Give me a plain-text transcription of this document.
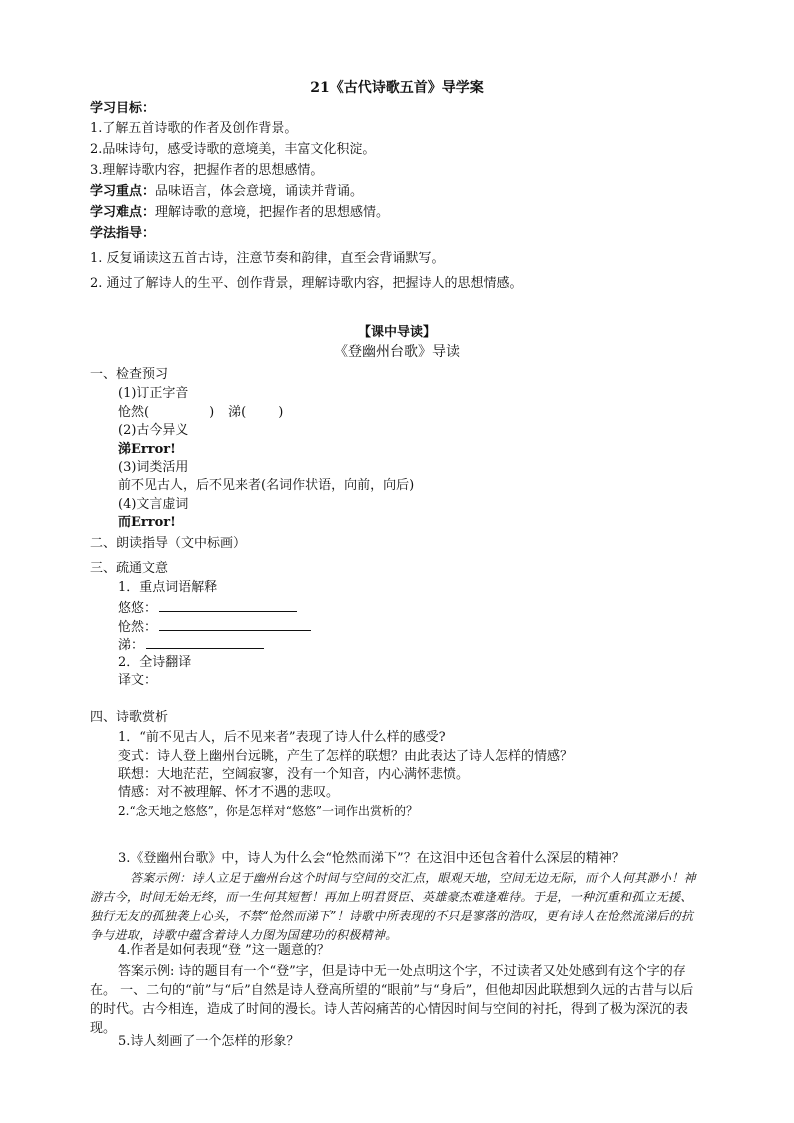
21《古代诗歌五首》导学案
学习目标：
1.了解五首诗歌的作者及创作背景。
2.品味诗句，感受诗歌的意境美，丰富文化积淀。
3.理解诗歌内容，把握作者的思想感情。
学习重点：品味语言，体会意境，诵读并背诵。
学习难点：理解诗歌的意境，把握作者的思想感情。
学法指导：
1. 反复诵读这五首古诗，注意节奏和韵律，直至会背诵默写。
2. 通过了解诗人的生平、创作背景，理解诗歌内容，把握诗人的思想情感。
【课中导读】
《登幽州台歌》导读
一、检查预习
(1)订正字音
怆然(	) 涕( )
(2)古今异义
涕Error!
(3)词类活用
前不见古人，后不见来者(名词作状语，向前，向后)
(4)文言虚词
而Error!
二、朗读指导（文中标画）
三、疏通文意
1．重点词语解释
悠悠：
怆然：
涕：
2．全诗翻译
译文：
四、诗歌赏析
1．“前不见古人，后不见来者”表现了诗人什么样的感受?
变式：诗人登上幽州台远眺，产生了怎样的联想？由此表达了诗人怎样的情感？
联想：大地茫茫，空阔寂寥，没有一个知音，内心满怀悲愤。
情感：对不被理解、怀才不遇的悲叹。
2.“念天地之悠悠”，你是怎样对“悠悠”一词作出赏析的？
3.《登幽州台歌》中，诗人为什么会“怆然而涕下”？在这泪中还包含着什么深层的精神？
答案示例：诗人立足于幽州台这个时间与空间的交汇点，眼观天地，空间无边无际，而个人何其渺小！神游古今，时间无始无终，而一生何其短暂！再加上明君贤臣、英雄豪杰难逢难待。于是，一种沉重和孤立无援、独行无友的孤独袭上心头，不禁“怆然而涕下”！诗歌中所表现的不只是寥落的浩叹，更有诗人在怆然流涕后的抗争与进取，诗歌中蕴含着诗人力图为国建功的积极精神。
4.作者是如何表现“登 ”这一题意的？
答案示例: 诗的题目有一个“登”字，但是诗中无一处点明这个字，不过读者又处处感到有这个字的存在。 一、二句的“前”与“后”自然是诗人登高所望的“眼前”与“身后”，但他却因此联想到久远的古昔与以后的时代。古今相连，造成了时间的漫长。诗人苦闷痛苦的心情因时间与空间的衬托，得到了极为深沉的表现。
5.诗人刻画了一个怎样的形象？
